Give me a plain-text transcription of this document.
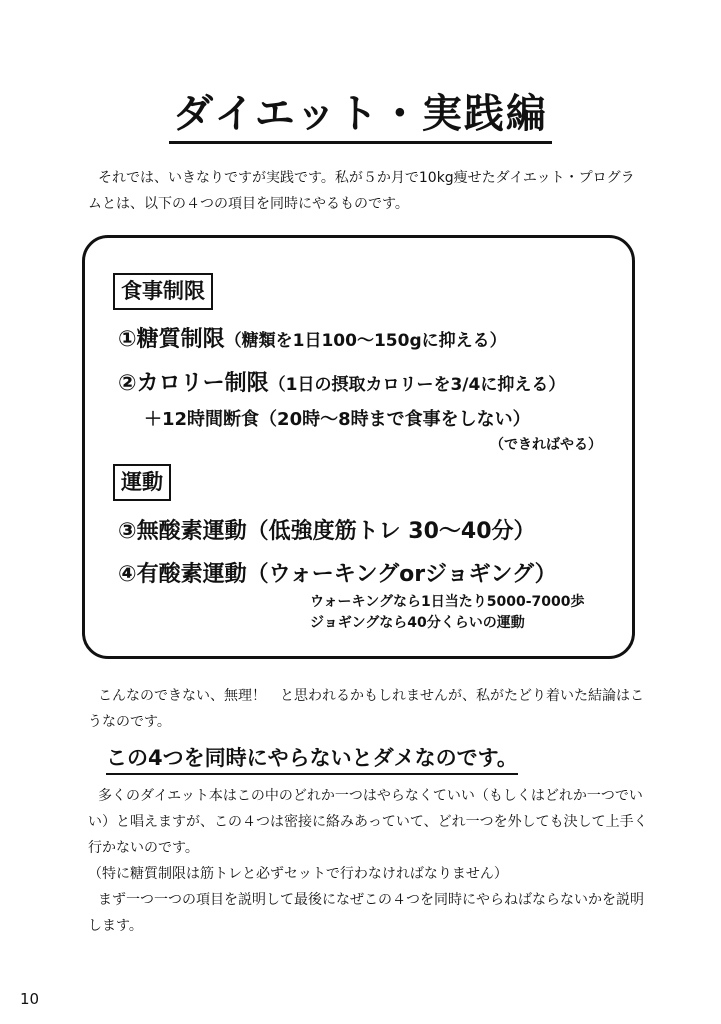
ダイエット・実践編

それでは、いきなりですが実践です。私が５か月で10kg痩せたダイエット・プログラムとは、以下の４つの項目を同時にやるものです。

食事制限
①糖質制限（糖類を1日100〜150gに抑える）
②カロリー制限（1日の摂取カロリーを3/4に抑える）
＋12時間断食（20時〜8時まで食事をしない）
（できればやる）
運動
③無酸素運動（低強度筋トレ 30〜40分）
④有酸素運動（ウォーキングorジョギング）
ウォーキングなら1日当たり5000-7000歩
ジョギングなら40分くらいの運動

こんなのできない、無理！　と思われるかもしれませんが、私がたどり着いた結論はこうなのです。

この4つを同時にやらないとダメなのです。

多くのダイエット本はこの中のどれか一つはやらなくていい（もしくはどれか一つでいい）と唱えますが、この４つは密接に絡みあっていて、どれ一つを外しても決して上手く行かないのです。

（特に糖質制限は筋トレと必ずセットで行わなければなりません）

まず一つ一つの項目を説明して最後になぜこの４つを同時にやらねばならないかを説明します。

10
